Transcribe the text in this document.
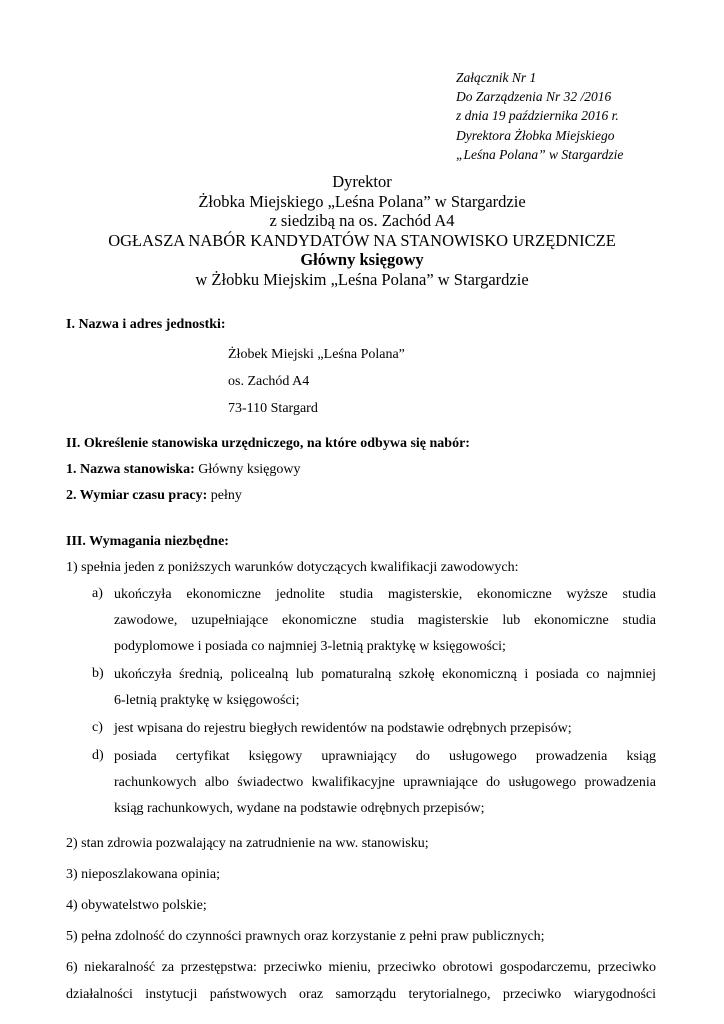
Załącznik Nr 1
Do Zarządzenia Nr 32 /2016
z dnia 19 października 2016 r.
Dyrektora Żłobka Miejskiego
„Leśna Polana” w Stargardzie
Dyrektor
Żłobka Miejskiego „Leśna Polana” w Stargardzie
z siedzibą na os. Zachód A4
OGŁASZA NABÓR KANDYDATÓW NA STANOWISKO URZĘDNICZE
Główny księgowy
w Żłobku Miejskim „Leśna Polana” w Stargardzie
I. Nazwa i adres jednostki:
Żłobek Miejski „Leśna Polana”
os. Zachód A4
73-110 Stargard
II. Określenie stanowiska urzędniczego, na które odbywa się nabór:
1. Nazwa stanowiska: Główny księgowy
2. Wymiar czasu pracy: pełny
III. Wymagania niezbędne:
1) spełnia jeden z poniższych warunków dotyczących kwalifikacji zawodowych:
a) ukończyła ekonomiczne jednolite studia magisterskie, ekonomiczne wyższe studia
zawodowe, uzupełniające ekonomiczne studia magisterskie lub ekonomiczne studia
podyplomowe i posiada co najmniej 3-letnią praktykę w księgowości;
b) ukończyła średnią, policealną lub pomaturalną szkołę ekonomiczną i posiada co najmniej
6-letnią praktykę w księgowości;
c) jest wpisana do rejestru biegłych rewidentów na podstawie odrębnych przepisów;
d) posiada certyfikat księgowy uprawniający do usługowego prowadzenia ksiąg
rachunkowych albo świadectwo kwalifikacyjne uprawniające do usługowego prowadzenia
ksiąg rachunkowych, wydane na podstawie odrębnych przepisów;
2) stan zdrowia pozwalający na zatrudnienie na ww. stanowisku;
3) nieposzlakowana opinia;
4) obywatelstwo polskie;
5) pełna zdolność do czynności prawnych oraz korzystanie z pełni praw publicznych;
6) niekaralność za przestępstwa: przeciwko mieniu, przeciwko obrotowi gospodarczemu, przeciwko
działalności instytucji państwowych oraz samorządu terytorialnego, przeciwko wiarygodności
